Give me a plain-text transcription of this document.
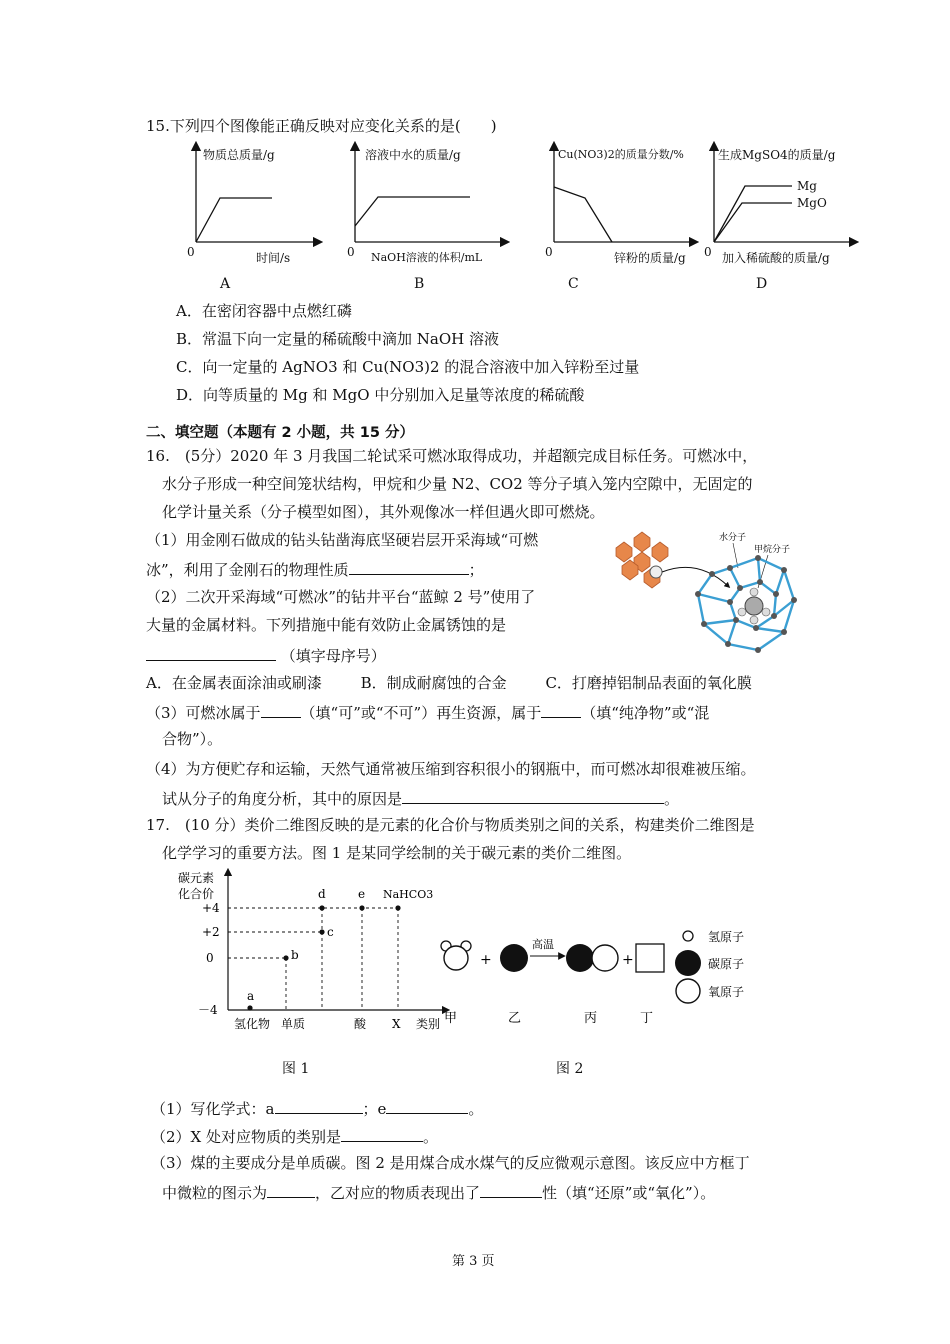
15.下列四个图像能正确反映对应变化关系的是(　　)
物质总质量/g
0	时间/s
A
溶液中水的质量/g
0 NaOH溶液的体积/mL
B
Cu(NO3)2的质量分数/%
0	锌粉的质量/g
C
生成MgSO4的质量/g
Mg
MgO
0 加入稀硫酸的质量/g
D
A．在密闭容器中点燃红磷
B．常温下向一定量的稀硫酸中滴加 NaOH 溶液
C．向一定量的 AgNO3 和 Cu(NO3)2 的混合溶液中加入锌粉至过量
D．向等质量的 Mg 和 MgO 中分别加入足量等浓度的稀硫酸
二、填空题（本题有 2 小题，共 15 分）
16.　(5分）2020 年 3 月我国二轮试采可燃冰取得成功，并超额完成目标任务。可燃冰中，
水分子形成一种空间笼状结构，甲烷和少量 N2、CO2 等分子填入笼内空隙中，无固定的
化学计量关系（分子模型如图），其外观像冰一样但遇火即可燃烧。
（1）用金刚石做成的钻头钻凿海底坚硬岩层开采海域“可燃
冰”，利用了金刚石的物理性质	；
（2）二次开采海域“可燃冰”的钻井平台“蓝鲸 2 号”使用了
大量的金属材料。下列措施中能有效防止金属锈蚀的是
（填字母序号）
水分子
甲烷分子
A．在金属表面涂油或刷漆	B．制成耐腐蚀的合金	C．打磨掉铝制品表面的氧化膜
（3）可燃冰属于	（填“可”或“不可”）再生资源，属于	（填“纯净物”或“混
合物”）。
（4）为方便贮存和运输，天然气通常被压缩到容积很小的钢瓶中，而可燃冰却很难被压缩。
试从分子的角度分析，其中的原因是	。
17.　(10 分）类价二维图反映的是元素的化合价与物质类别之间的关系，构建类价二维图是
化学学习的重要方法。图 1 是某同学绘制的关于碳元素的类价二维图。
碳元素
化合价
+4
+2
0
－4
a
b
c
d	e NaHCO3
氢化物 单质	酸 X 类别
图 1
+
高温
+
氢原子
碳原子
氧原子
甲	乙	丙	丁
图 2
（1）写化学式：a	；e	。
（2）X 处对应物质的类别是	。
（3）煤的主要成分是单质碳。图 2 是用煤合成水煤气的反应微观示意图。该反应中方框丁
中微粒的图示为	，乙对应的物质表现出了	性（填“还原”或“氧化”）。
第 3 页
